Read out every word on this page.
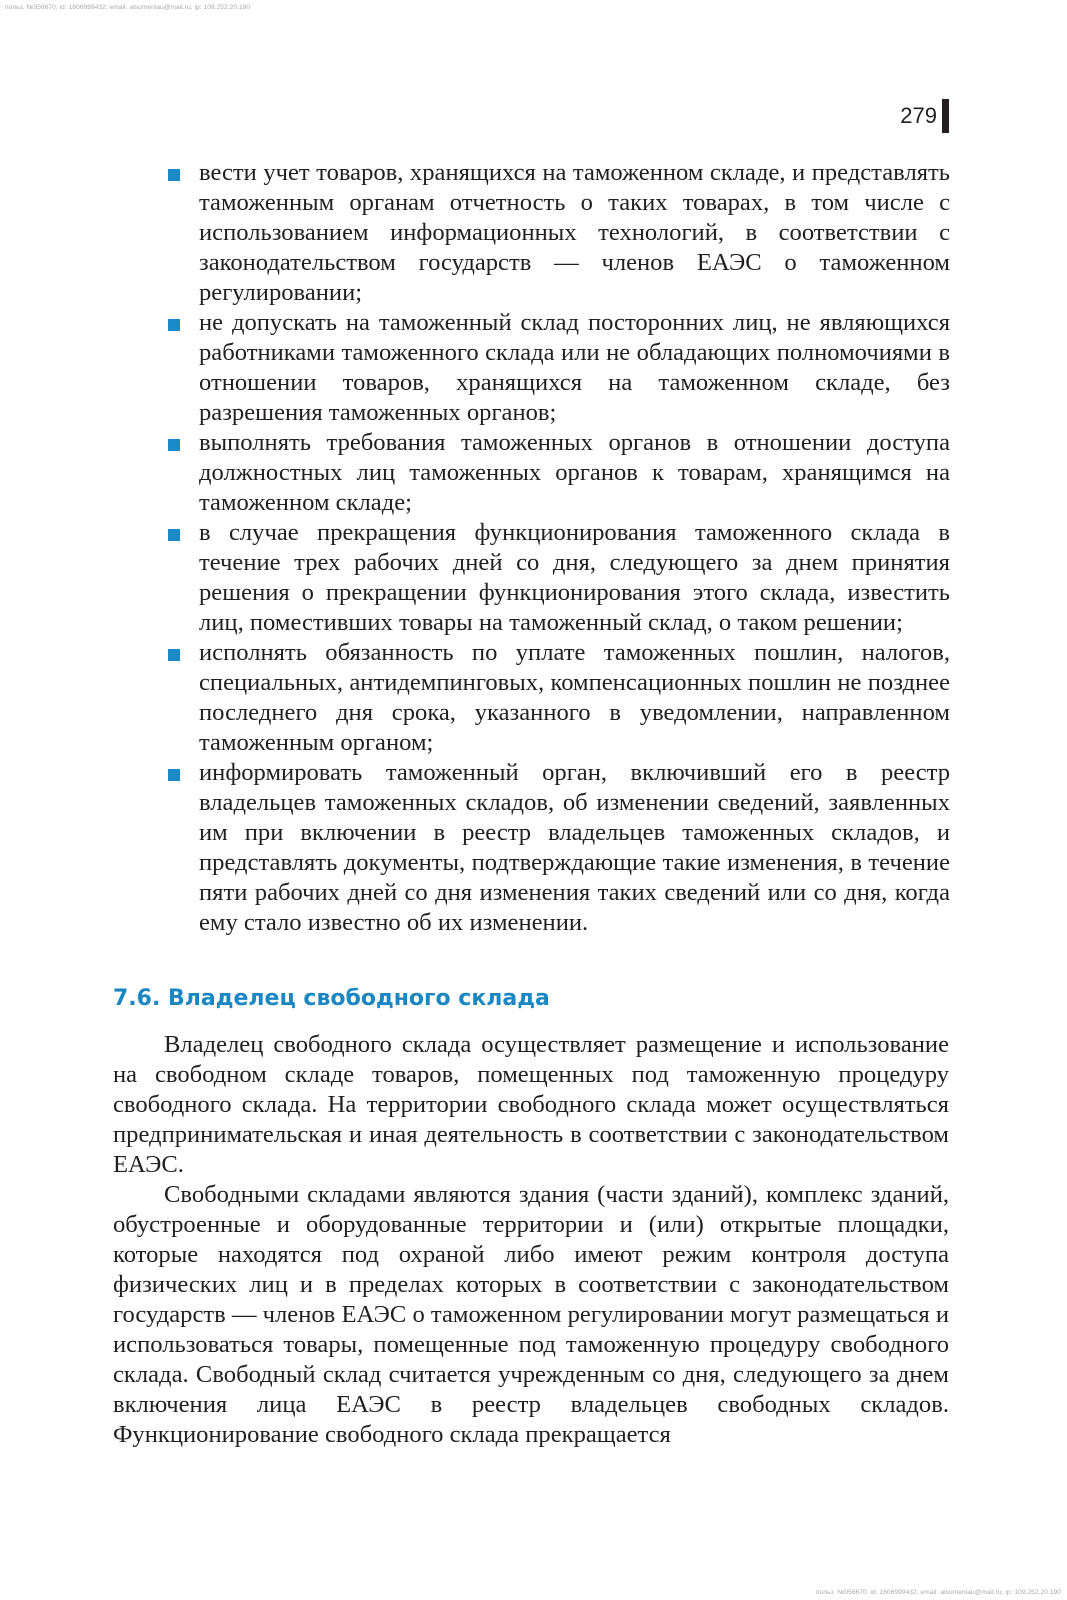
польз. №956670; id: 1606999432; email: alsumenlau@mail.ru; ip: 109.252.20.190
279
вести учет товаров, хранящихся на таможенном складе, и представлять таможенным органам отчетность о таких товарах, в том числе с использованием информационных технологий, в соответствии с законодательством государств — членов ЕАЭС о таможенном регулировании;
не допускать на таможенный склад посторонних лиц, не являющихся работниками таможенного склада или не обладающих полномочиями в отношении товаров, хранящихся на таможенном складе, без разрешения таможенных органов;
выполнять требования таможенных органов в отношении доступа должностных лиц таможенных органов к товарам, хранящимся на таможенном складе;
в случае прекращения функционирования таможенного склада в течение трех рабочих дней со дня, следующего за днем принятия решения о прекращении функционирования этого склада, известить лиц, поместивших товары на таможенный склад, о таком решении;
исполнять обязанность по уплате таможенных пошлин, налогов, специальных, антидемпинговых, компенсационных пошлин не позднее последнего дня срока, указанного в уведомлении, направленном таможенным органом;
информировать таможенный орган, включивший его в реестр владельцев таможенных складов, об изменении сведений, заявленных им при включении в реестр владельцев таможенных складов, и представлять документы, подтверждающие такие изменения, в течение пяти рабочих дней со дня изменения таких сведений или со дня, когда ему стало известно об их изменении.
7.6. Владелец свободного склада

Владелец свободного склада осуществляет размещение и использование на свободном складе товаров, помещенных под таможенную процедуру свободного склада. На территории свободного склада может осуществляться предпринимательская и иная деятельность в соответствии с законодательством ЕАЭС.

Свободными складами являются здания (части зданий), комплекс зданий, обустроенные и оборудованные территории и (или) открытые площадки, которые находятся под охраной либо имеют режим контроля доступа физических лиц и в пределах которых в соответствии с законодательством государств — членов ЕАЭС о таможенном регулировании могут размещаться и использоваться товары, помещенные под таможенную процедуру свободного склада. Свободный склад считается учрежденным со дня, следующего за днем включения лица ЕАЭС в реестр владельцев свободных складов. Функционирование свободного склада прекращается

польз. №956670; id: 1606999432; email: alsumenlau@mail.ru; ip: 109.252.20.190
